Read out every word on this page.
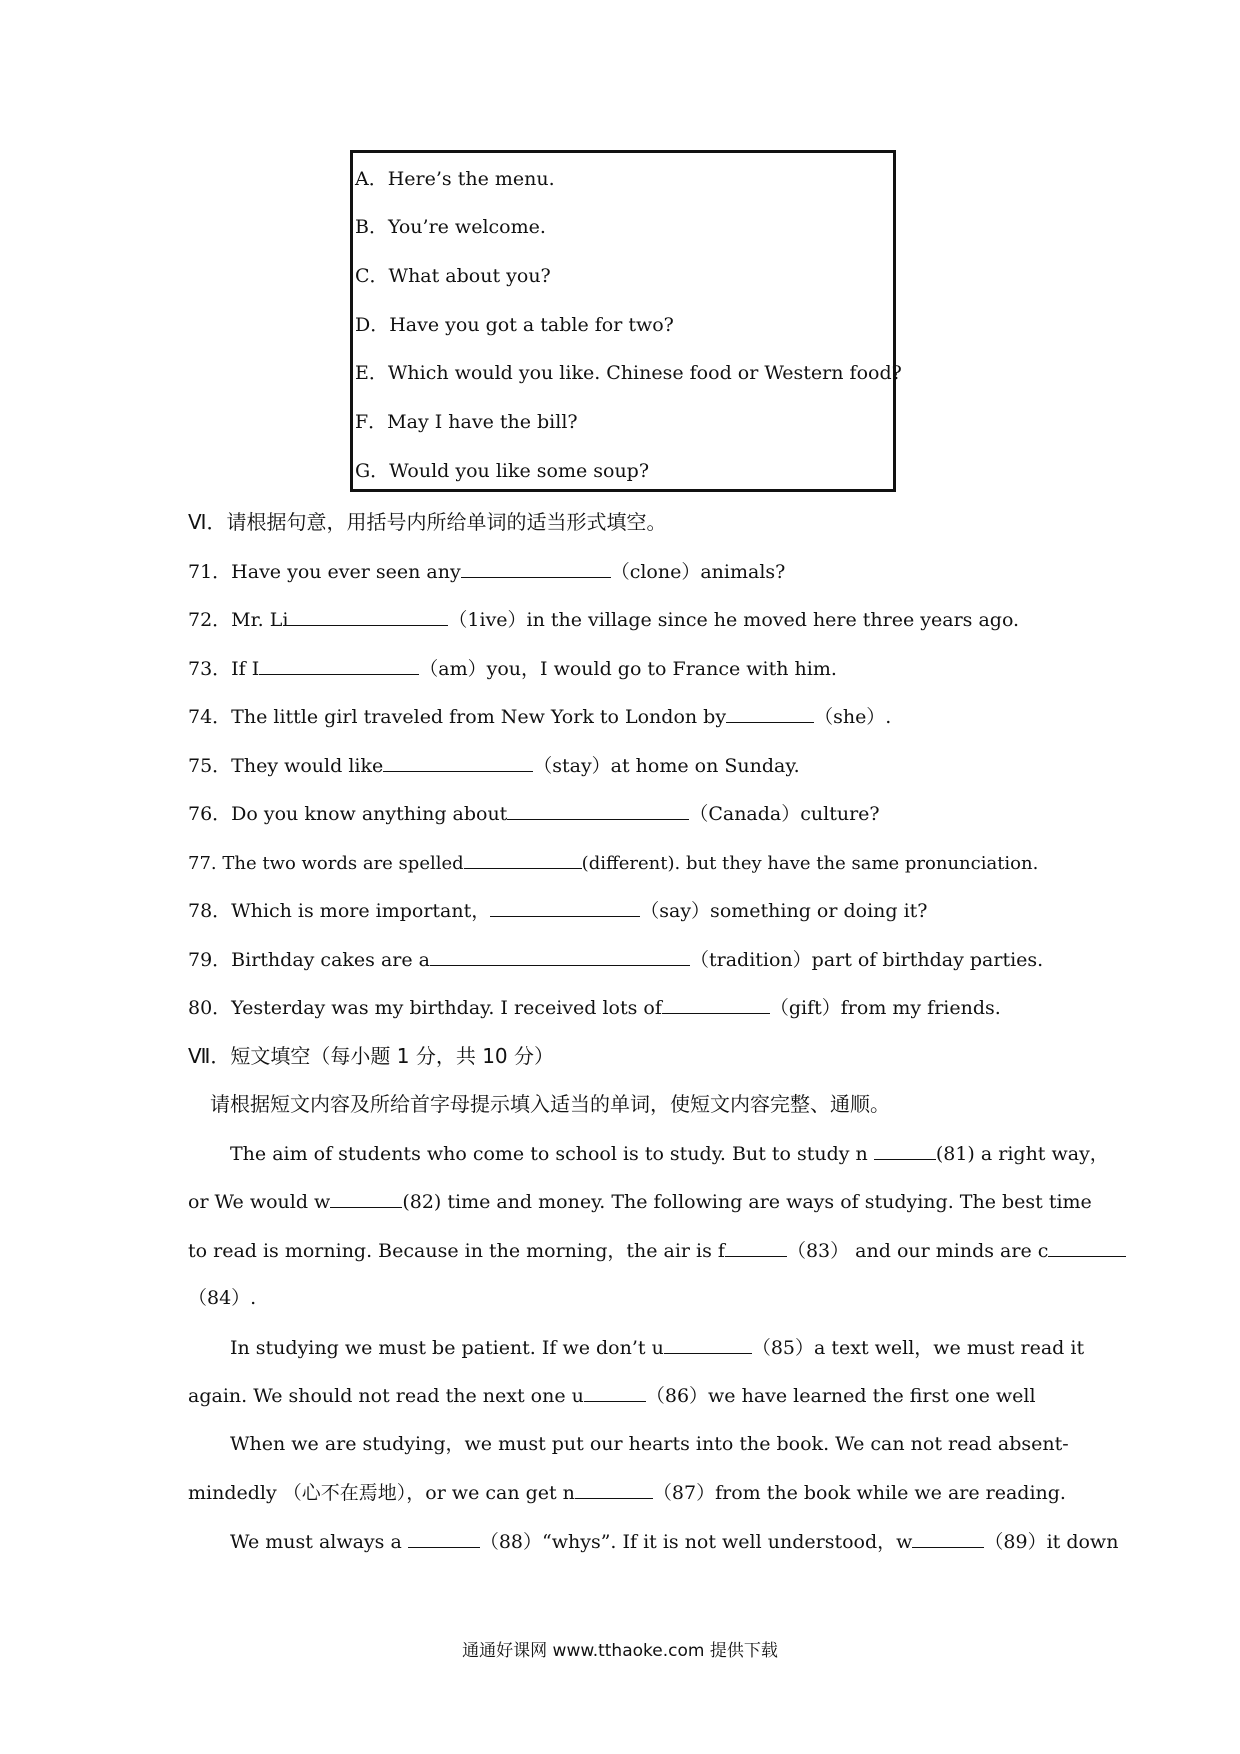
A．Here’s the menu.
B．You’re welcome.
C．What about you?
D．Have you got a table for two?
E．Which would you like. Chinese food or Western food?
F．May I have the bill?
G．Would you like some soup?
Ⅵ．请根据句意，用括号内所给单词的适当形式填空。
71．Have you ever seen any	（clone）animals?
72．Mr. Li	（1ive）in the village since he moved here three years ago.
73．If I	（am）you，I would go to France with him.
74．The little girl traveled from New York to London by	（she）.
75．They would like	（stay）at home on Sunday.
76．Do you know anything about	（Canada）culture?
77. The two words are spelled	(different). but they have the same pronunciation.
78．Which is more important，	（say）something or doing it?
79．Birthday cakes are a	（tradition）part of birthday parties.
80．Yesterday was my birthday. I received lots of	（gift）from my friends.
Ⅶ．短文填空（每小题 1 分，共 10 分）
请根据短文内容及所给首字母提示填入适当的单词，使短文内容完整、通顺。
The aim of students who come to school is to study. But to study n	(81) a right way，
or We would w	(82) time and money. The following are ways of studying. The best time
to read is morning. Because in the morning，the air is f	（83） and our minds are c
（84）.
In studying we must be patient. If we don’t u	（85）a text well，we must read it
again. We should not read the next one u	（86）we have learned the first one well
When we are studying，we must put our hearts into the book. We can not read absent-
mindedly （心不在焉地），or we can get n	（87）from the book while we are reading.
We must always a	（88）“whys”. If it is not well understood，w	（89）it down
通通好课网 www.tthaoke.com 提供下载
